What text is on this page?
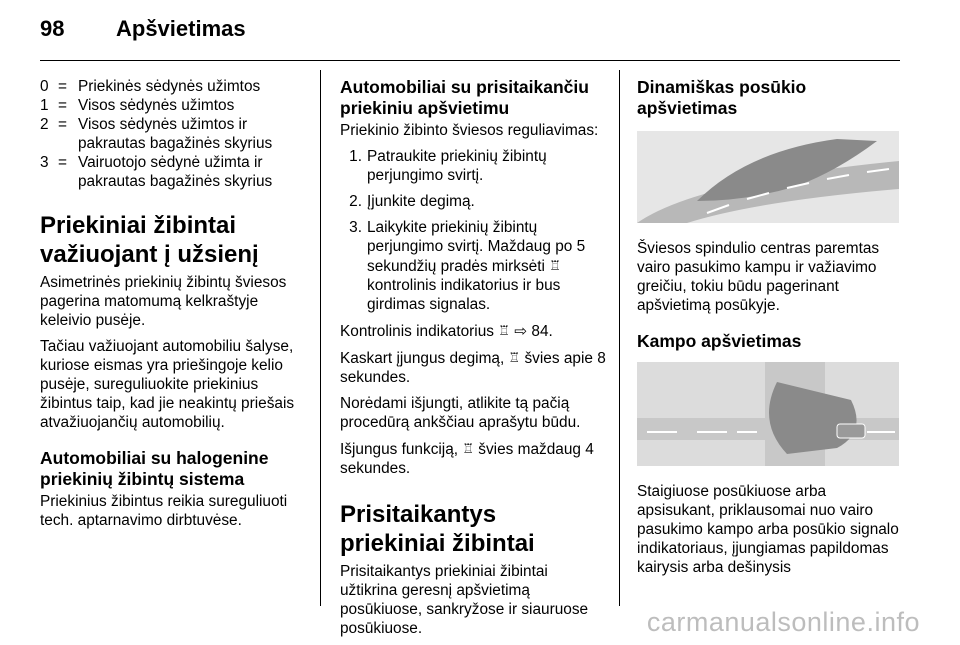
98 Apšvietimas
0 = Priekinės sėdynės užimtos
1 = Visos sėdynės užimtos
2 = Visos sėdynės užimtos ir pakrautas bagažinės skyrius
3 = Vairuotojo sėdynė užimta ir pakrautas bagažinės skyrius
Priekiniai žibintai važiuojant į užsienį

Asimetrinės priekinių žibintų šviesos pagerina matomumą kelkraštyje keleivio pusėje.

Tačiau važiuojant automobiliu šalyse, kuriose eismas yra priešingoje kelio pusėje, sureguliuokite priekinius žibintus taip, kad jie neakintų priešais atvažiuojančių automobilių.

Automobiliai su halogenine priekinių žibintų sistema

Priekinius žibintus reikia sureguliuoti tech. aptarnavimo dirbtuvėse.

Automobiliai su prisitaikančiu priekiniu apšvietimu

Priekinio žibinto šviesos reguliavimas:

1. Patraukite priekinių žibintų perjungimo svirtį.
2. Įjunkite degimą.
3. Laikykite priekinių žibintų perjungimo svirtį. Maždaug po 5 sekundžių pradės mirksėti ♖ kontrolinis indikatorius ir bus girdimas signalas.

Kontrolinis indikatorius ♖ ⇨ 84.

Kaskart įjungus degimą, ♖ švies apie 8 sekundes.

Norėdami išjungti, atlikite tą pačią procedūrą ankščiau aprašytu būdu.

Išjungus funkciją, ♖ švies maždaug 4 sekundes.

Prisitaikantys priekiniai žibintai

Prisitaikantys priekiniai žibintai užtikrina geresnį apšvietimą posūkiuose, sankryžose ir siauruose posūkiuose.

Dinamiškas posūkio apšvietimas

Šviesos spindulio centras paremtas vairo pasukimo kampu ir važiavimo greičiu, tokiu būdu pagerinant apšvietimą posūkyje.

Kampo apšvietimas

Staigiuose posūkiuose arba apsisukant, priklausomai nuo vairo pasukimo kampo arba posūkio signalo indikatoriaus, įjungiamas papildomas kairysis arba dešinysis

carmanualsonline.info
